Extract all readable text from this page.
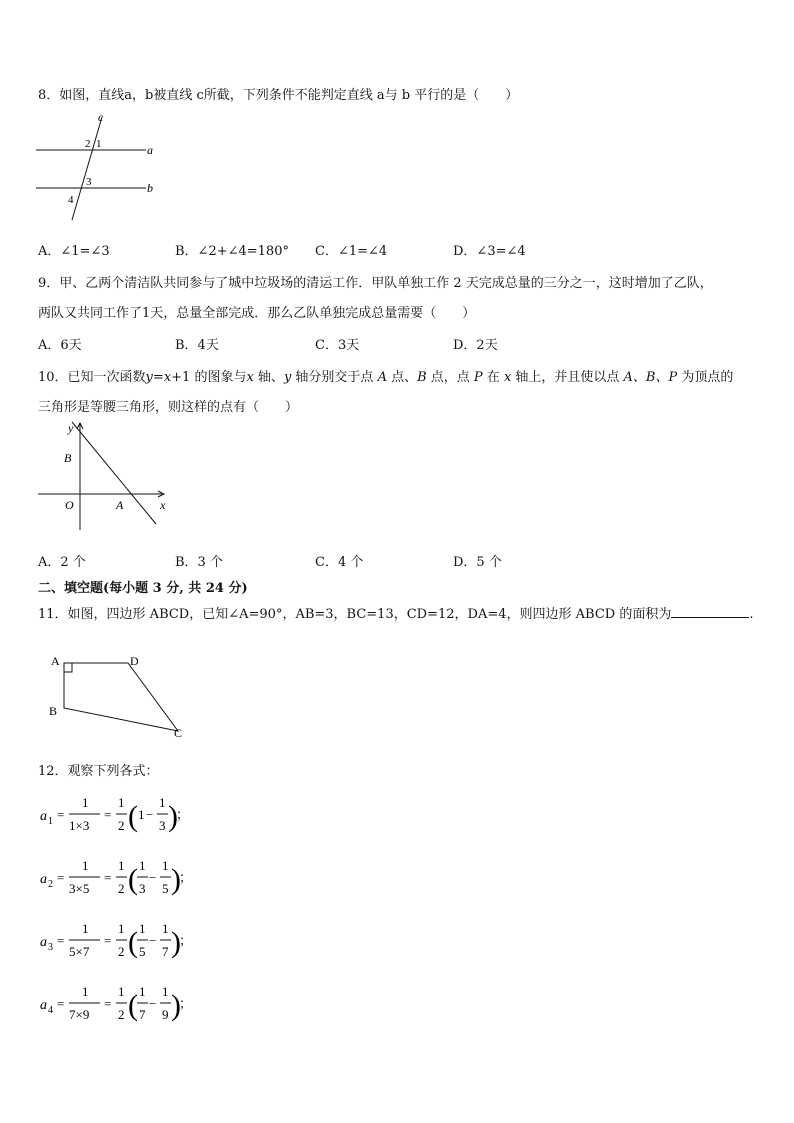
8．如图，直线a，b被直线 c所截，下列条件不能判定直线 a与 b 平行的是（　　）
c
a
b
2 1
3
4
A．∠1=∠3	B．∠2+∠4=180° C．∠1=∠4	D．∠3=∠4
9．甲、乙两个清洁队共同参与了城中垃圾场的清运工作．甲队单独工作 2 天完成总量的三分之一，这时增加了乙队，
两队又共同工作了1天，总量全部完成．那么乙队单独完成总量需要（　　）
A．6天	B．4天	C．3天	D．2天
10．已知一次函数y=x+1 的图象与x 轴、y 轴分别交于点 A 点、B 点，点 P 在 x 轴上，并且使以点 A、B、P 为顶点的
三角形是等腰三角形，则这样的点有（　　）
y
x
O	A
B
A．2 个	B．3 个	C．4 个	D．5 个
二、填空题(每小题 3 分, 共 24 分)
11．如图，四边形 ABCD，已知∠A=90°，AB=3，BC=13，CD=12，DA=4，则四边形 ABCD 的面积为	.
A	D
B
C
12．观察下列各式：
a 1 =
1
1×3
=
1
2 ( 1 −
1
3 )
；
a 2 =
1
3×5
=
1
2 ( 1
3
−
1
5 )
；
a 3 =
1
5×7
=
1
2 ( 1
5
−
1
7 )
；
a 4 =
1
7×9
=
1
2 ( 1
7
−
1
9 )
；
